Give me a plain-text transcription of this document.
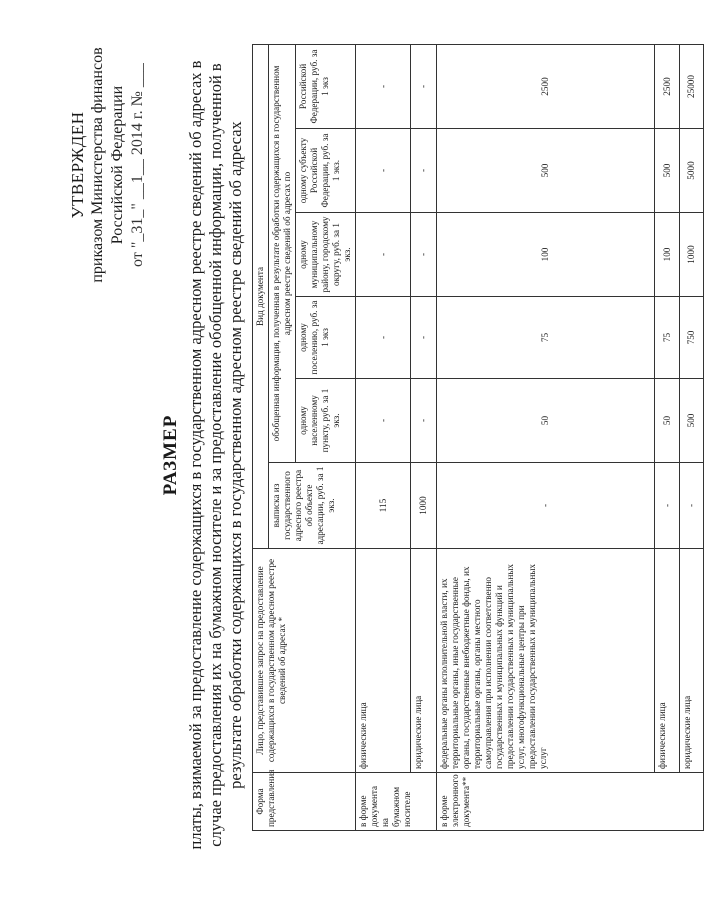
УТВЕРЖДЕН приказом Министерства финансов Российской Федерации от "_31_" __1__ 2014 г. № ___
РАЗМЕР платы, взимаемой за предоставление содержащихся в государственном адресном реестре сведений об адресах в случае предоставления их на бумажном носителе и за предоставление обобщенной информации, полученной в результате обработки содержащихся в государственном адресном реестре сведений об адресах
Форма представления	Лицо, представившее запрос на предоставление содержащихся в государственном адресном реестре сведений об адресах *	Вид документа					
		выписка из государственного адресного реестра об объекте адресации, руб. за 1 экз.	обобщенная информация, полученная в результате обработки содержащихся в государственном адресном реестре сведений об адресах по				
			одному населенному пункту, руб. за 1 экз.	одному поселению, руб. за 1 экз	одному муниципальному району, городскому округу, руб. за 1 экз.	одному субъекту Российской Федерации, руб. за 1 экз.	Российской Федерации, руб. за 1 экз
в форме документа на бумажном носителе	физические лица	115	-	-	-	-	-
	юридические лица	1000	-	-	-	-	-
в форме электронного документа**	федеральные органы исполнительной власти, их территориальные органы, иные государственные органы, государственные внебюджетные фонды, их территориальные органы, органы местного самоуправления при исполнении соответственно государственных и муниципальных функций и предоставлении государственных и муниципальных услуг, многофункциональные центры при предоставлении государственных и муниципальных услуг	-	50	75	100	500	2500
	физические лица	-	50	75	100	500	2500
	юридические лица	-	500	750	1000	5000	25000
